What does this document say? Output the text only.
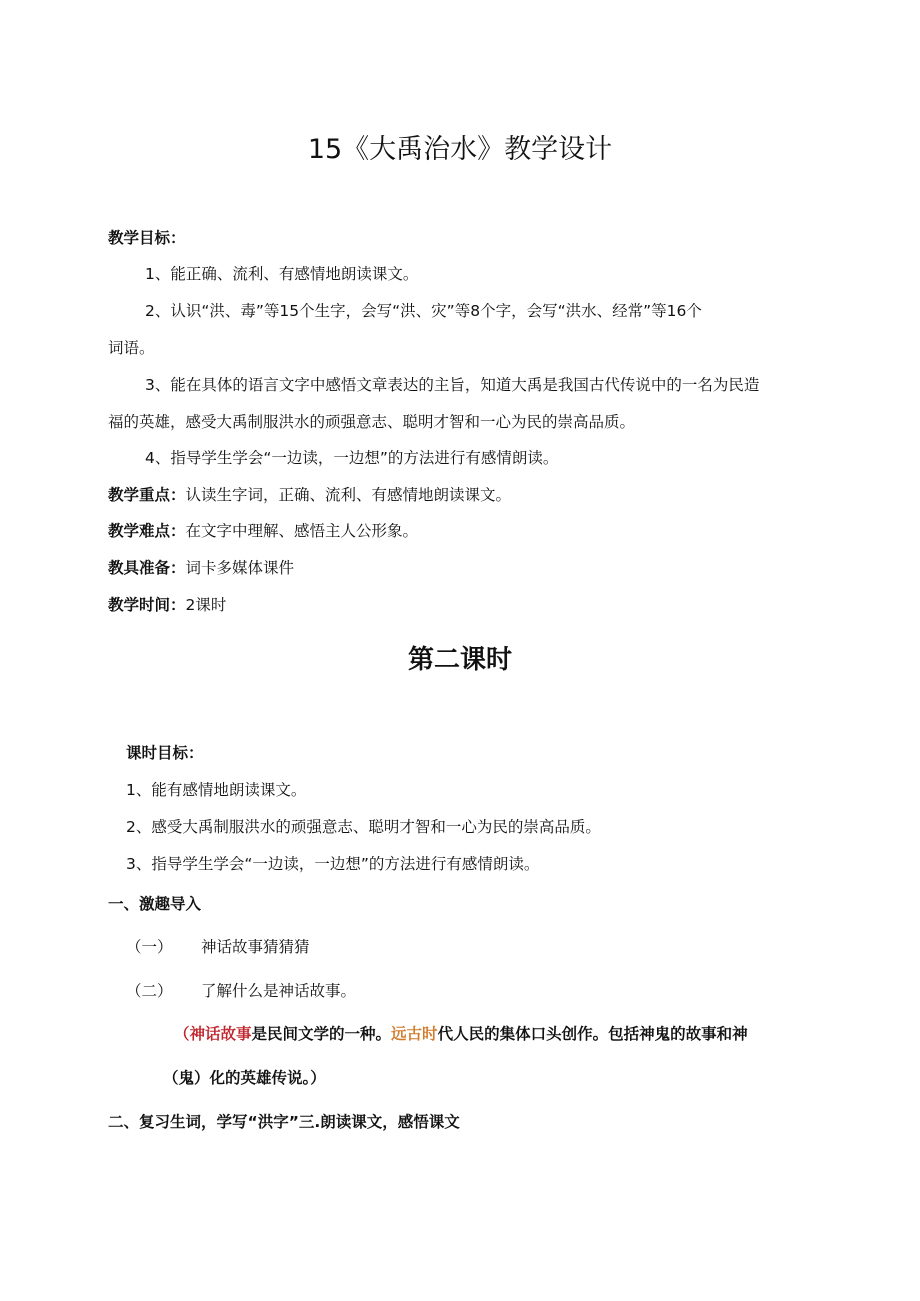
15《大禹治水》教学设计
教学目标：
1、能正确、流利、有感情地朗读课文。
2、认识“洪、毒”等15个生字，会写“洪、灾”等8个字，会写“洪水、经常”等16个
词语。
3、能在具体的语言文字中感悟文章表达的主旨，知道大禹是我国古代传说中的一名为民造
福的英雄，感受大禹制服洪水的顽强意志、聪明才智和一心为民的崇高品质。
4、指导学生学会“一边读，一边想”的方法进行有感情朗读。
教学重点：认读生字词，正确、流利、有感情地朗读课文。
教学难点：在文字中理解、感悟主人公形象。
教具准备：词卡多媒体课件
教学时间：2课时
第二课时
课时目标：
1、能有感情地朗读课文。
2、感受大禹制服洪水的顽强意志、聪明才智和一心为民的崇高品质。
3、指导学生学会“一边读，一边想”的方法进行有感情朗读。
一、激趣导入
（一） 神话故事猜猜猜
（二） 了解什么是神话故事。
（神话故事是民间文学的一种。远古时代人民的集体口头创作。包括神鬼的故事和神
（鬼）化的英雄传说。）
二、复习生词，学写“洪字”三.朗读课文，感悟课文
